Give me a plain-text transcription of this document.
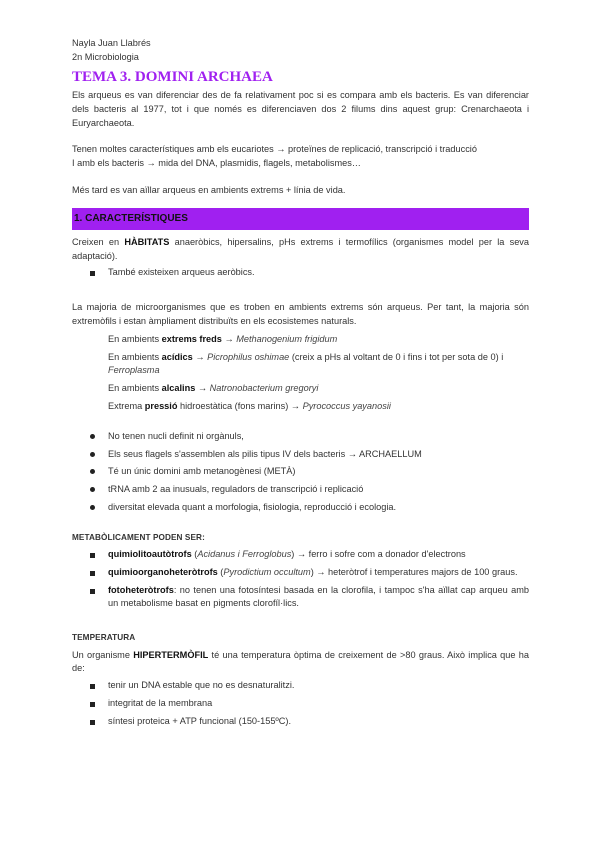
Nayla Juan Llabrés

2n Microbiologia

TEMA 3. DOMINI ARCHAEA

Els arqueus es van diferenciar des de fa relativament poc si es compara amb els bacteris. Es van diferenciar dels bacteris al 1977, tot i que només es diferenciaven dos 2 filums dins aquest grup: Crenarchaeota i Euryarchaeota.

Tenen moltes característiques amb els eucariotes → proteïnes de replicació, transcripció i traducció

I amb els bacteris → mida del DNA, plasmidis, flagels, metabolismes…

Més tard es van aïllar arqueus en ambients extrems + línia de vida.

1. CARACTERÍSTIQUES

Creixen en HÀBITATS anaeròbics, hipersalins, pHs extrems i termofílics (organismes model per la seva adaptació).

També existeixen arqueus aeròbics.

La majoria de microorganismes que es troben en ambients extrems són arqueus. Per tant, la majoria són extremòfils i estan àmpliament distribuïts en els ecosistemes naturals.

En ambients extrems freds → Methanogenium frigidum
En ambients acídics → Picrophilus oshimae (creix a pHs al voltant de 0 i fins i tot per sota de 0) i
Ferroplasma
En ambients alcalins → Natronobacterium gregoryi
Extrema pressió hidroestàtica (fons marins) → Pyrococcus yayanosii
No tenen nucli definit ni orgànuls,
Els seus flagels s'assemblen als pilis tipus IV dels bacteris → ARCHAELLUM
Té un únic domini amb metanogènesi (METÀ)
tRNA amb 2 aa inusuals, reguladors de transcripció i replicació
diversitat elevada quant a morfologia, fisiologia, reproducció i ecologia.
METABÒLICAMENT PODEN SER:
quimiolitoautòtrofs (Acidanus i Ferroglobus) → ferro i sofre com a donador d'electrons
quimioorganoheteròtrofs (Pyrodictium occultum) → heteròtrof i temperatures majors de 100 graus.
fotoheteròtrofs: no tenen una fotosíntesi basada en la clorofila, i tampoc s'ha aïllat cap arqueu amb un metabolisme basat en pigments clorofíl·lics.
TEMPERATURA

Un organisme HIPERTERMÒFIL té una temperatura òptima de creixement de >80 graus. Això implica que ha de:

tenir un DNA estable que no es desnaturalitzi.
integritat de la membrana
síntesi proteica + ATP funcional (150-155ºC).
